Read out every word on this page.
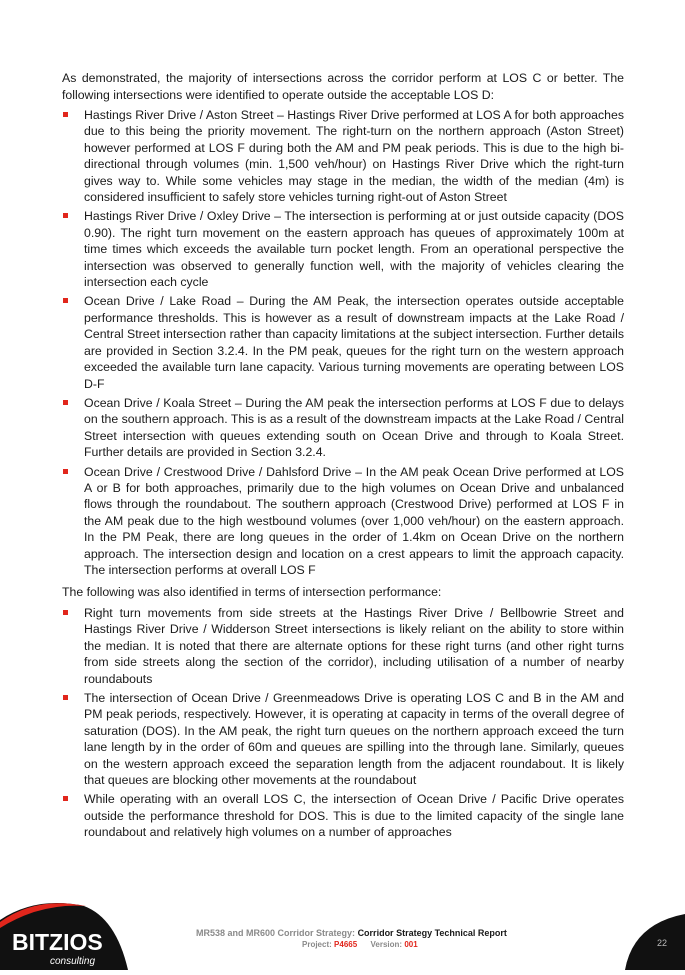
As demonstrated, the majority of intersections across the corridor perform at LOS C or better. The following intersections were identified to operate outside the acceptable LOS D:

Hastings River Drive / Aston Street – Hastings River Drive performed at LOS A for both approaches due to this being the priority movement. The right-turn on the northern approach (Aston Street) however performed at LOS F during both the AM and PM peak periods. This is due to the high bi-directional through volumes (min. 1,500 veh/hour) on Hastings River Drive which the right-turn gives way to. While some vehicles may stage in the median, the width of the median (4m) is considered insufficient to safely store vehicles turning right-out of Aston Street
Hastings River Drive / Oxley Drive – The intersection is performing at or just outside capacity (DOS 0.90). The right turn movement on the eastern approach has queues of approximately 100m at time times which exceeds the available turn pocket length. From an operational perspective the intersection was observed to generally function well, with the majority of vehicles clearing the intersection each cycle
Ocean Drive / Lake Road – During the AM Peak, the intersection operates outside acceptable performance thresholds. This is however as a result of downstream impacts at the Lake Road / Central Street intersection rather than capacity limitations at the subject intersection. Further details are provided in Section 3.2.4. In the PM peak, queues for the right turn on the western approach exceeded the available turn lane capacity. Various turning movements are operating between LOS D-F
Ocean Drive / Koala Street – During the AM peak the intersection performs at LOS F due to delays on the southern approach. This is as a result of the downstream impacts at the Lake Road / Central Street intersection with queues extending south on Ocean Drive and through to Koala Street. Further details are provided in Section 3.2.4.
Ocean Drive / Crestwood Drive / Dahlsford Drive – In the AM peak Ocean Drive performed at LOS A or B for both approaches, primarily due to the high volumes on Ocean Drive and unbalanced flows through the roundabout. The southern approach (Crestwood Drive) performed at LOS F in the AM peak due to the high westbound volumes (over 1,000 veh/hour) on the eastern approach. In the PM Peak, there are long queues in the order of 1.4km on Ocean Drive on the northern approach. The intersection design and location on a crest appears to limit the approach capacity. The intersection performs at overall LOS F

The following was also identified in terms of intersection performance:

Right turn movements from side streets at the Hastings River Drive / Bellbowrie Street and Hastings River Drive / Widderson Street intersections is likely reliant on the ability to store within the median. It is noted that there are alternate options for these right turns (and other right turns from side streets along the section of the corridor), including utilisation of a number of nearby roundabouts
The intersection of Ocean Drive / Greenmeadows Drive is operating LOS C and B in the AM and PM peak periods, respectively. However, it is operating at capacity in terms of the overall degree of saturation (DOS). In the AM peak, the right turn queues on the northern approach exceed the turn lane length by in the order of 60m and queues are spilling into the through lane. Similarly, queues on the western approach exceed the separation length from the adjacent roundabout. It is likely that queues are blocking other movements at the roundabout
While operating with an overall LOS C, the intersection of Ocean Drive / Pacific Drive operates outside the performance threshold for DOS. This is due to the limited capacity of the single lane roundabout and relatively high volumes on a number of approaches
BITZIOS
consulting
MR538 and MR600 Corridor Strategy: Corridor Strategy Technical Report
Project: P4665 Version: 001	22
